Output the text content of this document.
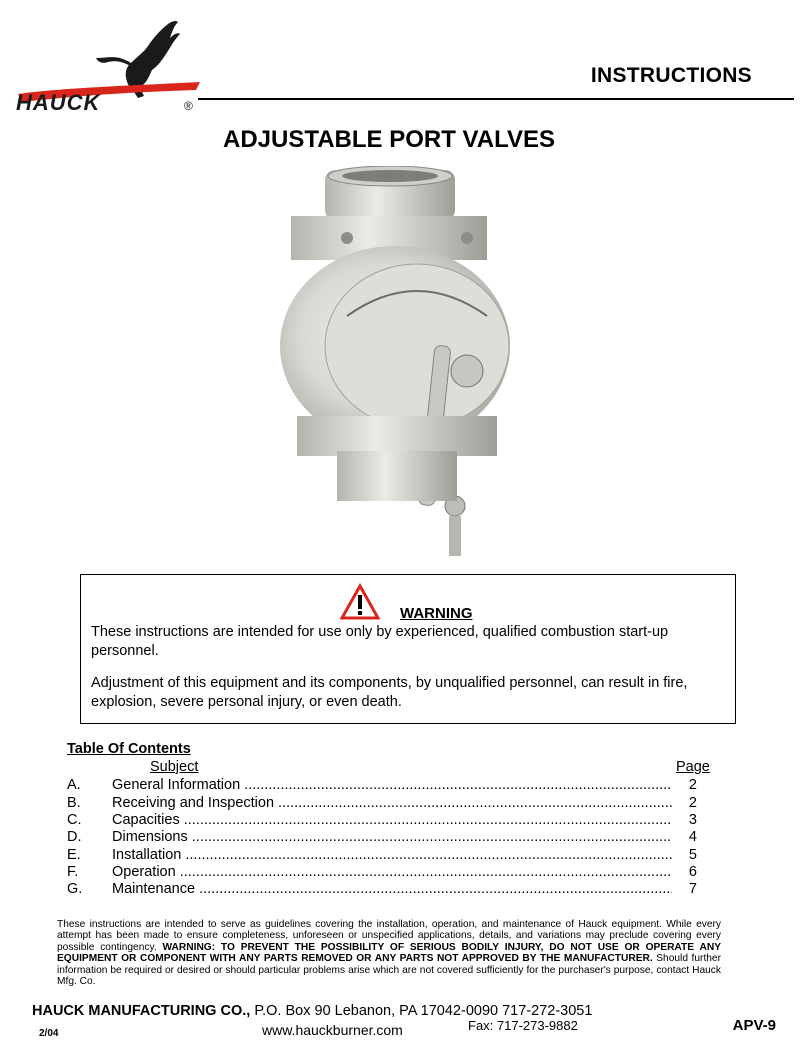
HAUCK	®
INSTRUCTIONS
ADJUSTABLE PORT VALVES
WARNING
These instructions are intended for use only by experienced, qualified combustion start-up personnel.
Adjustment of this equipment and its components, by unqualified personnel, can result in fire, explosion, severe personal injury, or even death.
Table Of Contents
Subject	Page
A. General Information .....	2
B. Receiving and Inspection .....	2
C. Capacities .....	3
D. Dimensions .....	4
E. Installation .....	5
F. Operation .....	6
G. Maintenance .....	7
These instructions are intended to serve as guidelines covering the installation, operation, and maintenance of Hauck equipment. While every attempt has been made to ensure completeness, unforeseen or unspecified applications, details, and variations may preclude covering every possible contingency. WARNING: TO PREVENT THE POSSIBILITY OF SERIOUS BODILY INJURY, DO NOT USE OR OPERATE ANY EQUIPMENT OR COMPONENT WITH ANY PARTS REMOVED OR ANY PARTS NOT APPROVED BY THE MANUFACTURER. Should further information be required or desired or should particular problems arise which are not covered sufficiently for the purchaser's purpose, contact Hauck Mfg. Co.
HAUCK MANUFACTURING CO., P.O. Box 90 Lebanon, PA 17042-0090 717-272-3051
2/04	www.hauckburner.com	Fax: 717-273-9882	APV-9
